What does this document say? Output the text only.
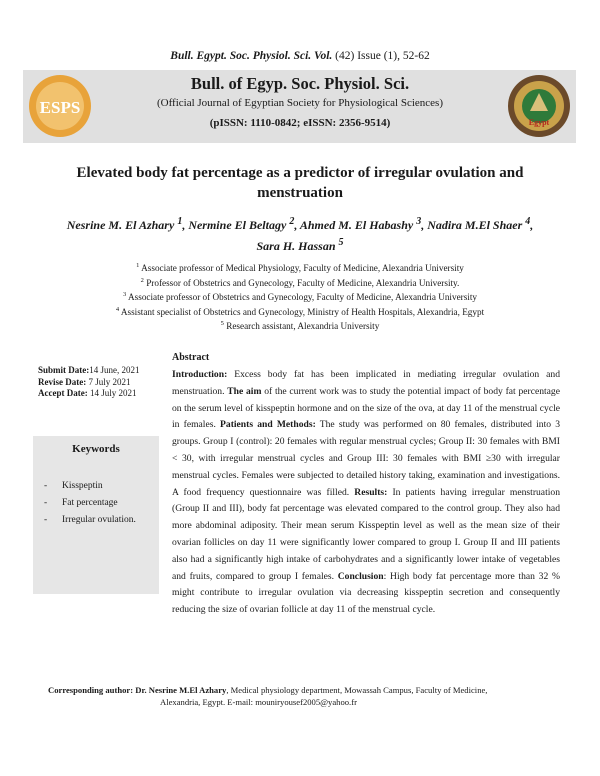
Bull. Egypt. Soc. Physiol. Sci. Vol. (42) Issue (1), 52-62
ESPS
Egypt
Bull. of Egyp. Soc. Physiol. Sci.
(Official Journal of Egyptian Society for Physiological Sciences)
(pISSN: 1110-0842; eISSN: 2356-9514)
Elevated body fat percentage as a predictor of irregular ovulation and menstruation
Nesrine M. El Azhary $^1$, Nermine El Beltagy $^2$, Ahmed M. El Habashy $^3$, Nadira M.El Shaer $^4$,
Sara H. Hassan $^5$
$^1$ Associate professor of Medical Physiology, Faculty of Medicine, Alexandria University
$^2$ Professor of Obstetrics and Gynecology, Faculty of Medicine, Alexandria University.
$^3$ Associate professor of Obstetrics and Gynecology, Faculty of Medicine, Alexandria University
$^4$ Assistant specialist of Obstetrics and Gynecology, Ministry of Health Hospitals, Alexandria, Egypt
$^5$ Research assistant, Alexandria University
Submit Date:14 June, 2021
Revise Date: 7 July 2021
Accept Date: 14 July 2021
Keywords
- Kisspeptin
- Fat percentage
- Irregular ovulation.
Abstract
Introduction: Excess body fat has been implicated in mediating irregular ovulation and menstruation. The aim of the current work was to study the potential impact of body fat percentage on the serum level of kisspeptin hormone and on the size of the ova, at day 11 of the menstrual cycle in females. Patients and Methods: The study was performed on 80 females, distributed into 3 groups. Group I (control): 20 females with regular menstrual cycles; Group II: 30 females with BMI < 30, with irregular menstrual cycles and Group III: 30 females with BMI ≥30 with irregular menstrual cycles. Females were subjected to detailed history taking, examination and investigations. A food frequency questionnaire was filled. Results: In patients having irregular menstruation (Group II and III), body fat percentage was elevated compared to the control group. They also had more abdominal adiposity. Their mean serum Kisspeptin level as well as the mean size of their ovarian follicles on day 11 were significantly lower compared to group I. Group II and III patients also had a significantly high intake of carbohydrates and a significantly lower intake of vegetables and fruits, compared to group I females. Conclusion: High body fat percentage more than 32 % might contribute to irregular ovulation via decreasing kisspeptin secretion and consequently reducing the size of ovarian follicle at day 11 of the menstrual cycle.
Corresponding author: Dr. Nesrine M.El Azhary, Medical physiology department, Mowassah Campus, Faculty of Medicine,
Alexandria, Egypt. E-mail: mounir​yousef2005@yahoo.fr
